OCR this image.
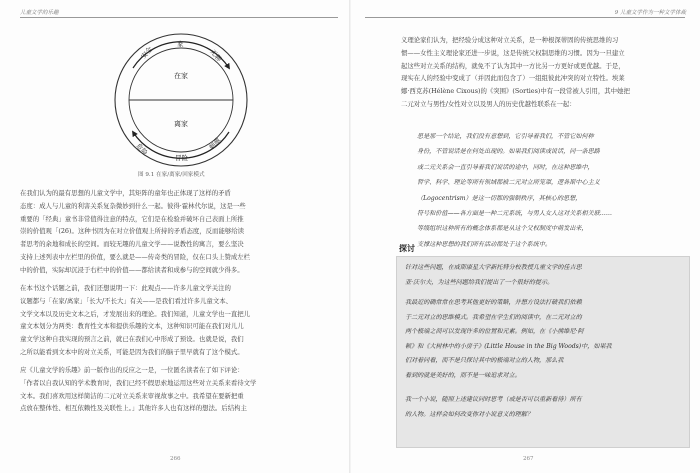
儿童文学的乐趣
安全
家
无聊
危险
冒险
刺激
在家
离家
图 9.1 在家/离家/回家模式
在我们认为的最有思想的儿童文学中，其矩阵的童年也正体现了这样的矛盾
态度：成人与儿童的利害关系复杂微妙到什么一起。彼得·霍林代尔说，这是一些
重要的「经典」童书非常值得注意的特点，它们是在检验并破坏自己表面上所推
崇的价值观「(26)。这种书因为在对立价值观上所持的矛盾态度，反而能够给读
者思考的余地和成长的空间。而较无趣的儿童文学——说教性的寓言，要么坚决
支持上述列表中左栏里的价值，要么就是——传奇类的冒险，仅在口头上赞成左栏
中的价值，实际却沉浸于右栏中的价值——都给读者和成参与的空间就少得多。
在本书这个话题之前，我们还想说明一下：此观点——许多儿童文学关注的
议题都与「在家/离家」「长大/不长大」有关——是我们看过许多儿童文本、
文学文本以及历史文本之后，才发展出来的理论。我们知道，儿童文学也一直把儿
童文本划分为两类：教育性文本和提供乐趣的文本，这种知识可能在我们对儿儿
童文学这种自我实现的预言之前，就已在我们心中形成了预设。也就是说，我们
之所以能看到文本中的对立关系，可能是因为我们的脑子里早就有了这个模式。
应《儿童文学的乐趣》前一版作出的反应之一是，一位匿名读者在了如下评论：
「作者以自我认知的学术教育时，我们已经不假思索地运用这些对立关系来看待文学
文本。我们喜欢用这样简洁的二元对立关系来审视故事之中。我希望在要新把重
点放在整体性、相互依赖性及关联性上。」其他许多人也有这样的想法。后结构主
266
9 儿童文学作为一种文学体裁
义理论家们认为，把经验分成这种对立关系，是一种根深蒂固的传统思维的习
惯——女性主义理论家还进一步说，这是传统父权制思维的习惯。因为一旦建立
起这些对立关系的结构，就免不了认为其中一方比另一方更好或更优越。于是，
现实在人的经验中变成了（并因此而包含了）一组组彼此冲突的对立特性。埃莱
娜·西克苏(Hélène Cixous)的《突围》(Sorties)中有一段常被人引用，其中她把
二元对立与男性/女性对立以及男人的历史优越性联系在一起：
思是那一个结论，我们没有意想到，它引导着我们，不管它如何种
身份，不管说话是在何处出现的。如果我们阅读或说话，同一条思路
或二元关系会一直引导着我们说话的途中，同时，在这种思维中，
哲学、科学、理论等所有领域都被二元对立所笼罩，逻各斯中心主义
（Logocentrism）是这一切都的强制秩序，其核心的思想，
符号和价值——各方面是一种二元系统，与男人女人这对关系相关联……
等级组织这种所有的概念体系都是从这个父权制度中萌发出来，
支撑这种思想的我们所有活动都处于这个系统中。
探讨
针对这些问题，在威斯康星大学新托特分校教授儿童文学的佳吉思
亚·沃尔夫，为这些问题给我们提出了一个很好的提示。
我最近的确常常在思考其他更好的策略，并想方设法打破我们依赖
于二元对立的思维模式。我希望在学生们的阅读中，在二元对立的
两个极端之间可以发现许多的位置和元素。例如，在《小熊维尼·阿
顿》和《大树林中的小房子》(Little House in the Big Woods)中，如果我
们对着同看，而不是只探讨其中的极端对立的人物，那么我
看到的就是美好的，而不是一味追求对立。
我一个小说，随照上述建议同时思考（或是否可以重新看待）所有
的人物。这样会如何改变你对小说意义的理解？
267
